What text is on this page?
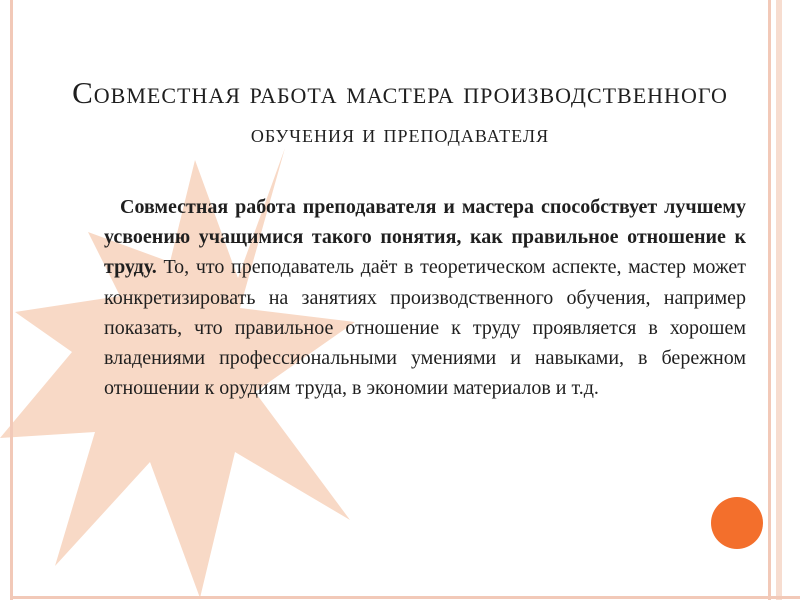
Совместная работа мастера производственного
обучения и преподавателя
Совместная работа преподавателя и мастера способствует лучшему усвоению учащимися такого понятия, как правильное отношение к труду. То, что преподаватель даёт в теоретическом аспекте, мастер может конкретизировать на занятиях производственного обучения, например показать, что правильное отношение к труду проявляется в хорошем владениями профессиональными умениями и навыками, в бережном отношении к орудиям труда, в экономии материалов и т.д.
